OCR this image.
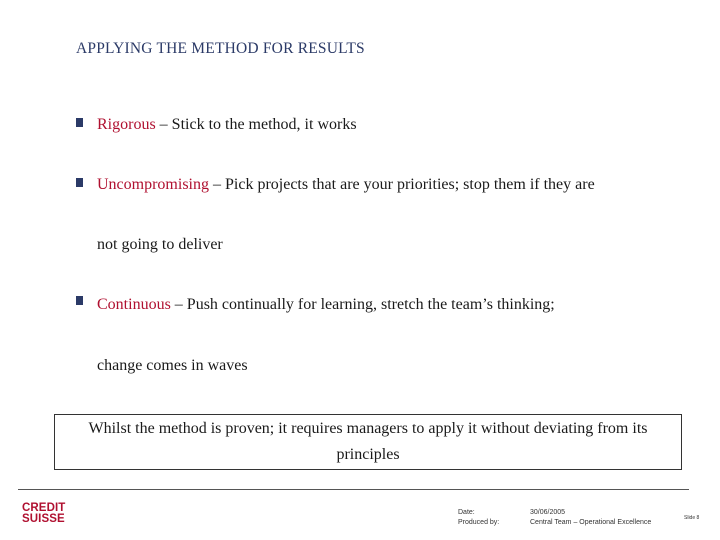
APPLYING THE METHOD FOR RESULTS
Rigorous – Stick to the method, it works
Uncompromising – Pick projects that are your priorities; stop them if they are
not going to deliver
Continuous – Push continually for learning, stretch the team’s thinking;
change comes in waves
Whilst the method is proven; it requires managers to apply it without deviating from its principles
CREDIT
SUISSE
Date:
Produced by:
30/06/2005
Central Team – Operational Excellence
Slide 8
